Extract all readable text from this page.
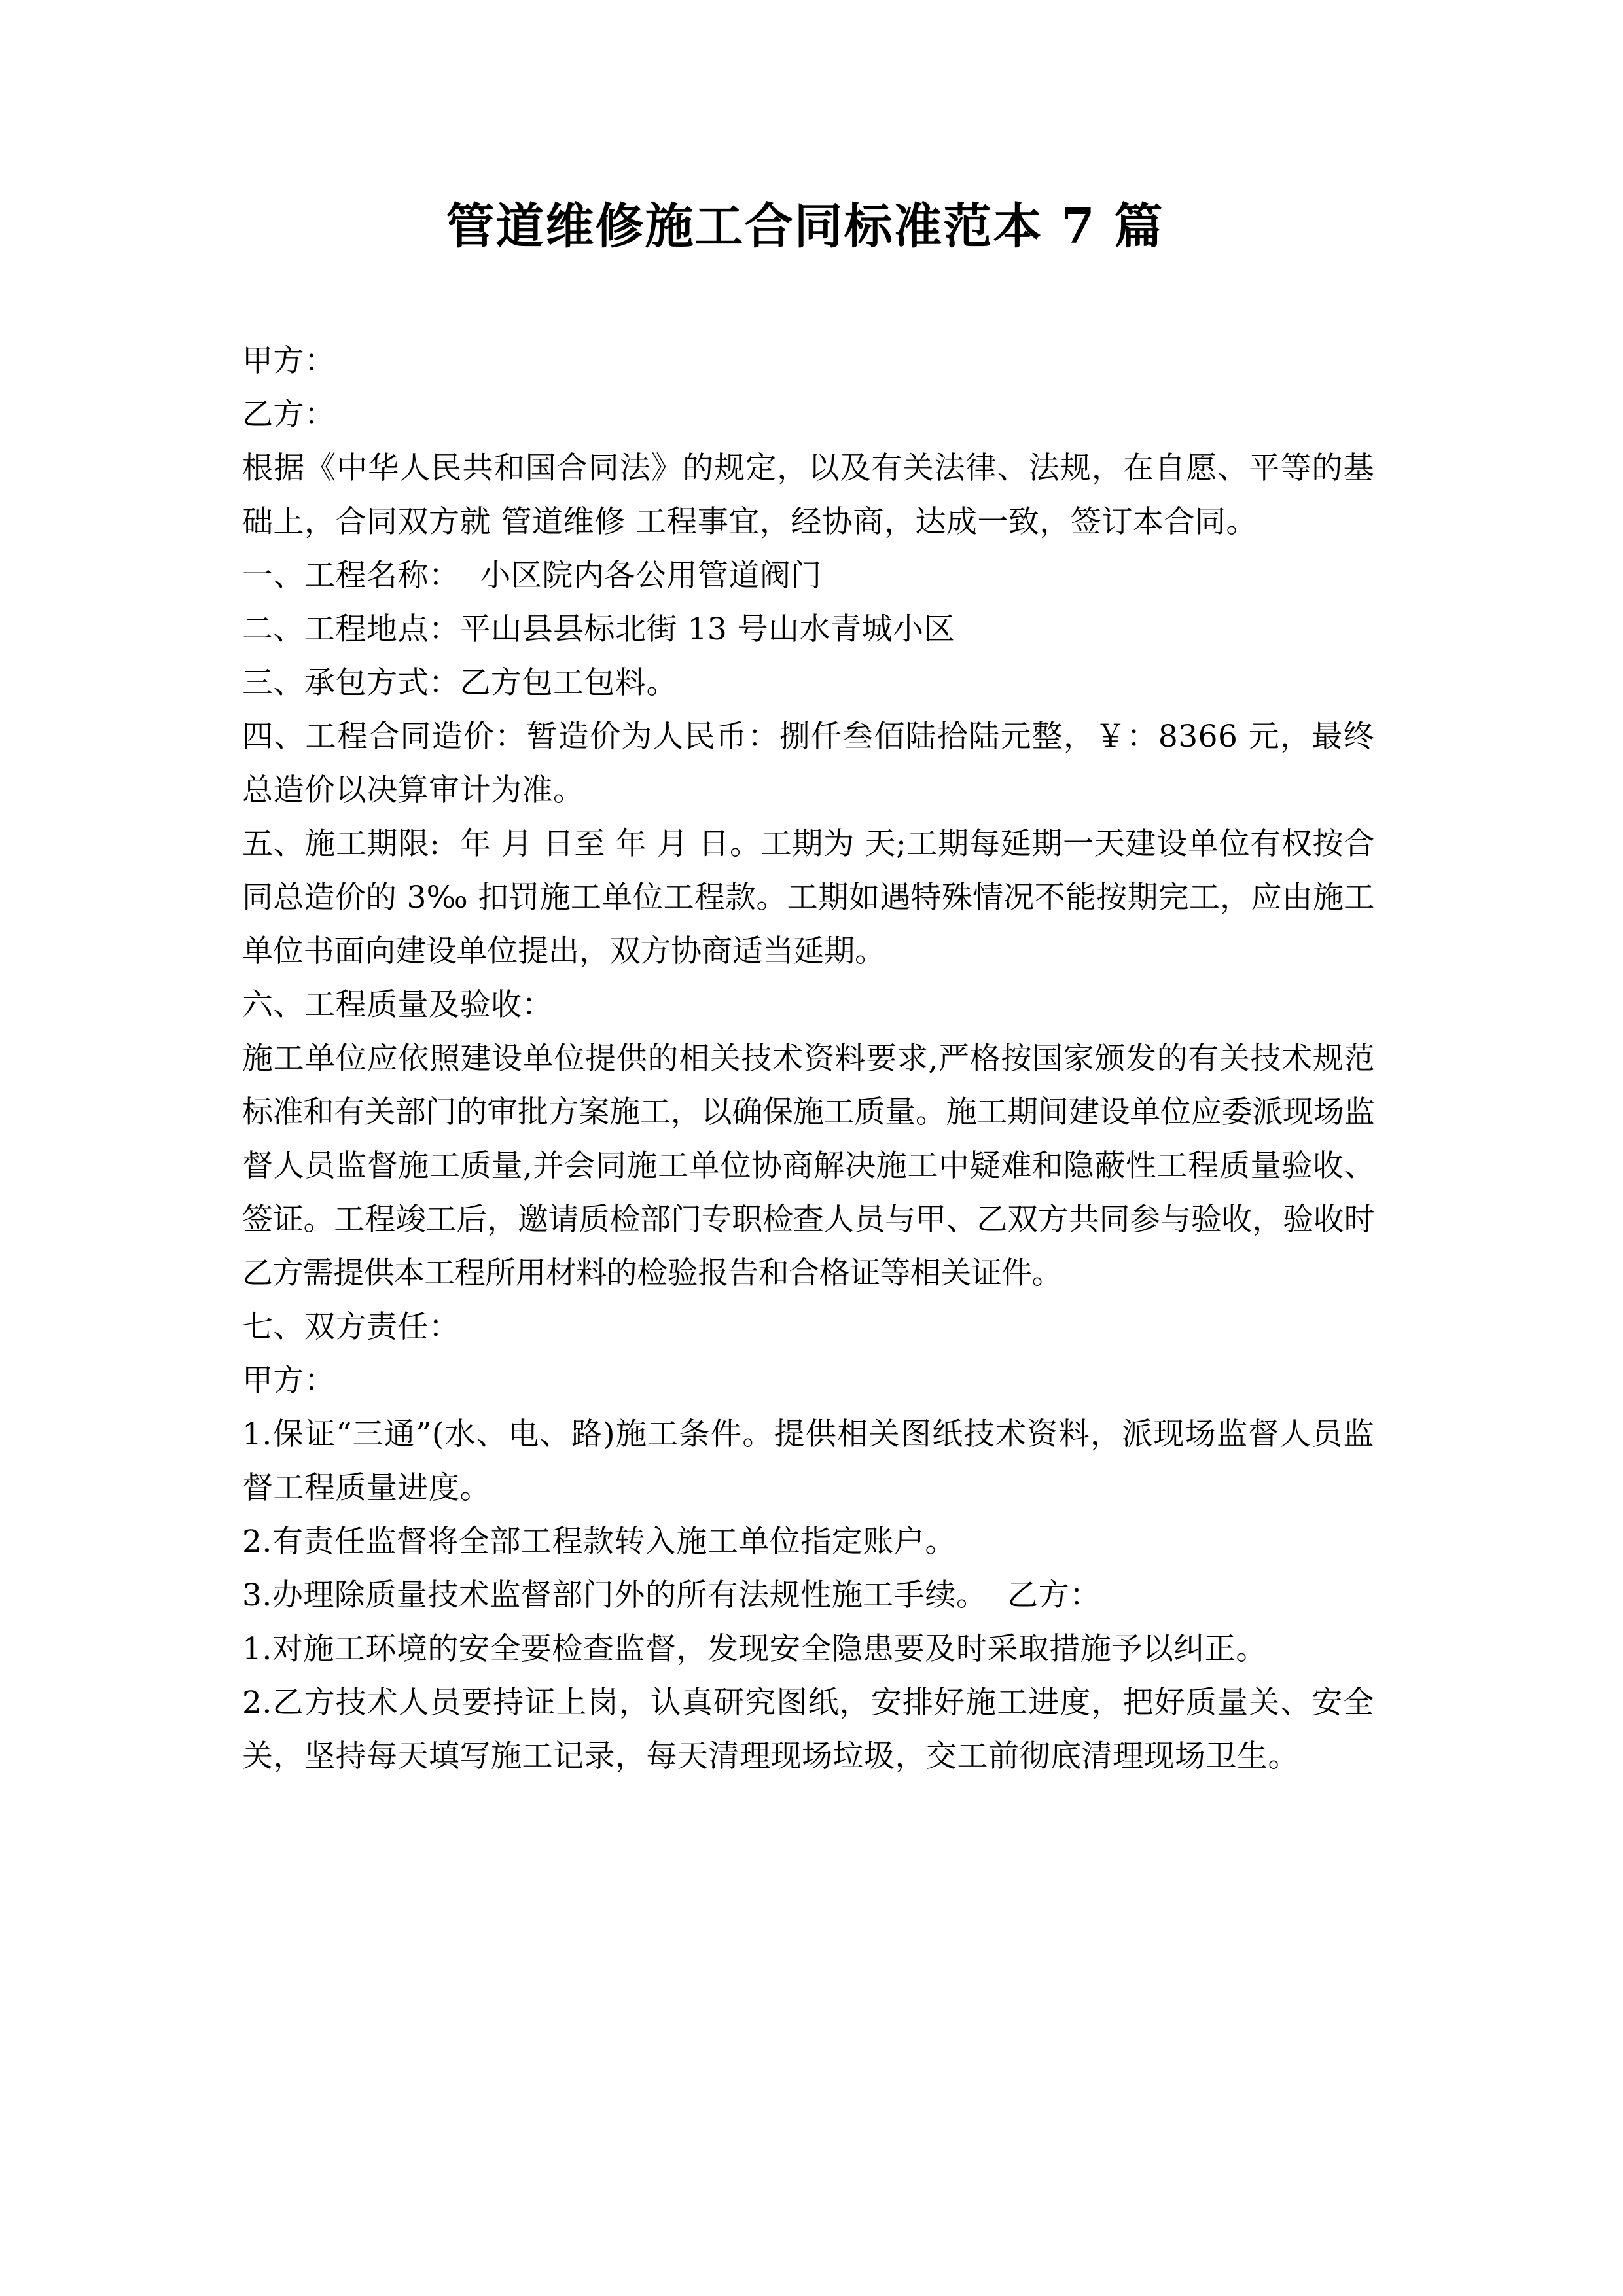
管道维修施工合同标准范本 7 篇

甲方：

乙方：

根据《中华人民共和国合同法》的规定，以及有关法律、法规，在自愿、平等的基础上，合同双方就 管道维修 工程事宜，经协商，达成一致，签订本合同。

一、工程名称：  小区院内各公用管道阀门

二、工程地点：平山县县标北街 13 号山水青城小区

三、承包方式：乙方包工包料。

四、工程合同造价：暂造价为人民币：捌仟叁佰陆拾陆元整，￥：8366 元，最终总造价以决算审计为准。

五、施工期限:  年 月 日至 年 月 日。工期为 天;工期每延期一天建设单位有权按合同总造价的 3‰ 扣罚施工单位工程款。工期如遇特殊情况不能按期完工，应由施工单位书面向建设单位提出，双方协商适当延期。

六、工程质量及验收：

施工单位应依照建设单位提供的相关技术资料要求,严格按国家颁发的有关技术规范标准和有关部门的审批方案施工，以确保施工质量。施工期间建设单位应委派现场监督人员监督施工质量,并会同施工单位协商解决施工中疑难和隐蔽性工程质量验收、签证。工程竣工后，邀请质检部门专职检查人员与甲、乙双方共同参与验收，验收时乙方需提供本工程所用材料的检验报告和合格证等相关证件。

七、双方责任：

甲方：

1.保证“三通”(水、电、路)施工条件。提供相关图纸技术资料，派现场监督人员监督工程质量进度。

2.有责任监督将全部工程款转入施工单位指定账户。

3.办理除质量技术监督部门外的所有法规性施工手续。  乙方：

1.对施工环境的安全要检查监督，发现安全隐患要及时采取措施予以纠正。

2.乙方技术人员要持证上岗，认真研究图纸，安排好施工进度，把好质量关、安全关，坚持每天填写施工记录，每天清理现场垃圾，交工前彻底清理现场卫生。
